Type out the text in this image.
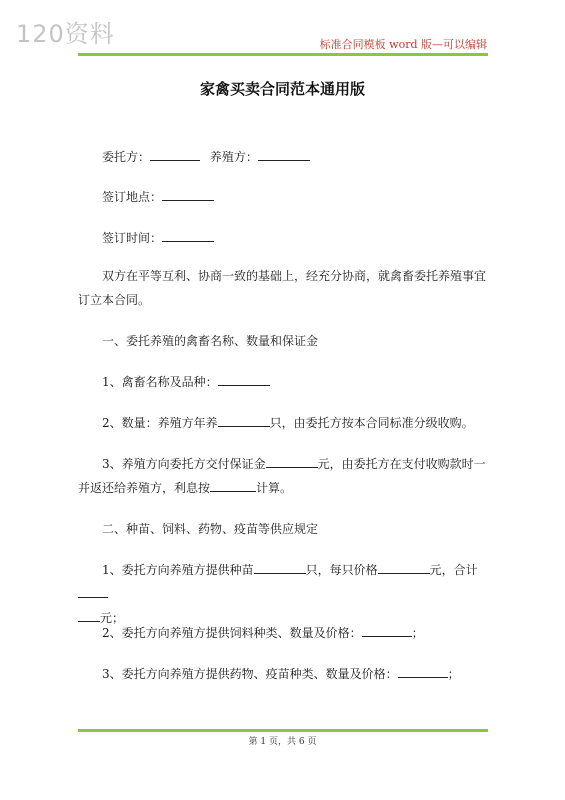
120资料	标准合同模板 word 版—可以编辑
家禽买卖合同范本通用版
委托方：	养殖方：
签订地点：
签订时间：
双方在平等互利、协商一致的基础上，经充分协商，就禽畜委托养殖事宜订立本合同。
一、委托养殖的禽畜名称、数量和保证金
1、禽畜名称及品种：
2、数量：养殖方年养	只，由委托方按本合同标准分级收购。
3、养殖方向委托方交付保证金	元，由委托方在支付收购款时一并返还给养殖方，利息按	计算。
二、种苗、饲料、药物、疫苗等供应规定
1、委托方向养殖方提供种苗	只，每只价格	元，合计
元；
2、委托方向养殖方提供饲料种类、数量及价格：	；
3、委托方向养殖方提供药物、疫苗种类、数量及价格：	；
第 1 页，共 6 页
